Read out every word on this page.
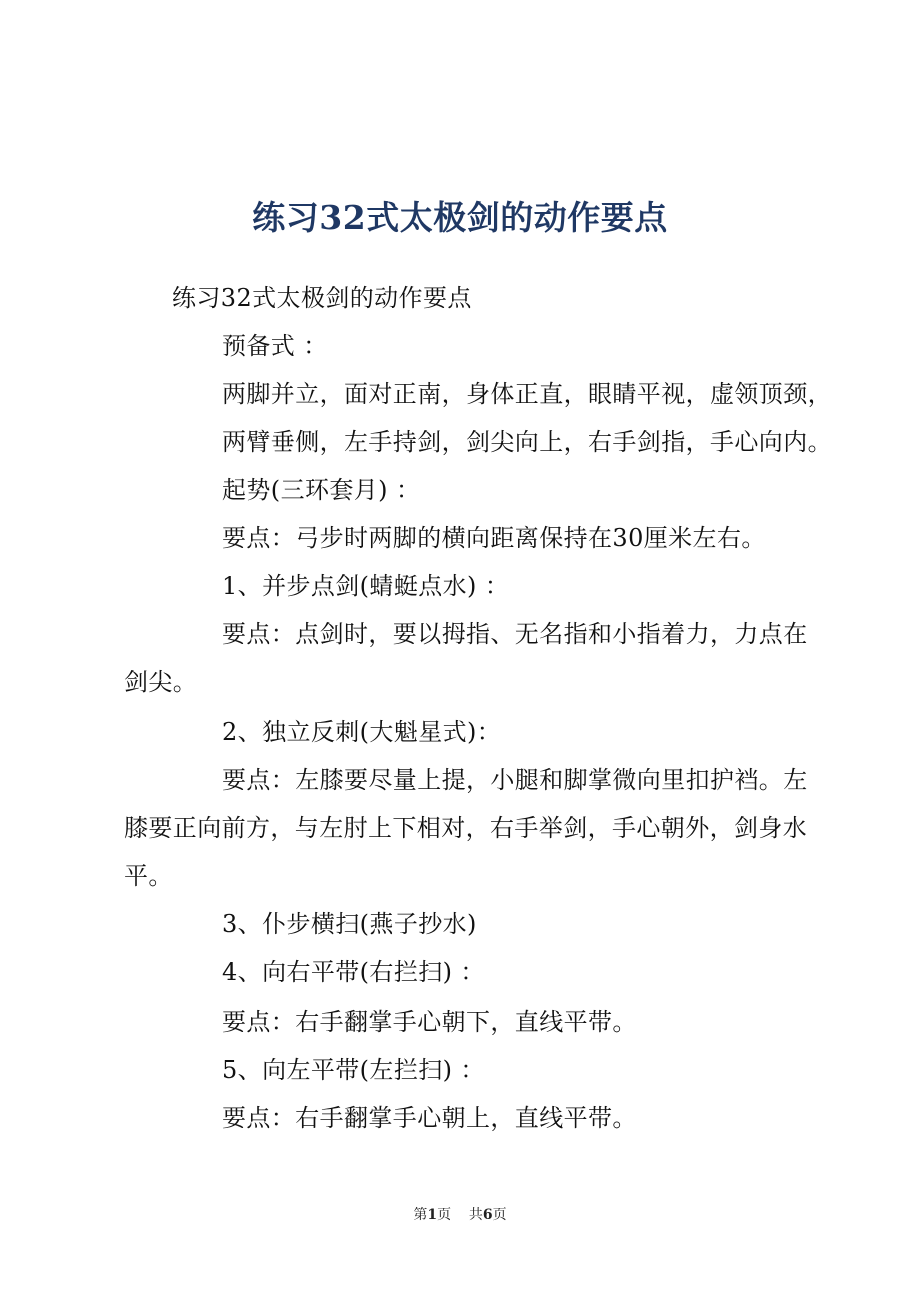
练习32式太极剑的动作要点
练习32式太极剑的动作要点
预备式 ：
两脚并立，面对正南，身体正直，眼睛平视，虚领顶颈，
两臂垂侧，左手持剑，剑尖向上，右手剑指，手心向内。
起势(三环套月) ：
要点：弓步时两脚的横向距离保持在30厘米左右。
1、并步点剑(蜻蜓点水) ：
要点：点剑时，要以拇指、无名指和小指着力，力点在
剑尖。
2、独立反刺(大魁星式)：
要点：左膝要尽量上提，小腿和脚掌微向里扣护裆。左
膝要正向前方，与左肘上下相对，右手举剑，手心朝外，剑身水
平。
3、仆步横扫(燕子抄水)
4、向右平带(右拦扫) ：
要点：右手翻掌手心朝下，直线平带。
5、向左平带(左拦扫) ：
要点：右手翻掌手心朝上，直线平带。
第1页 共6页
